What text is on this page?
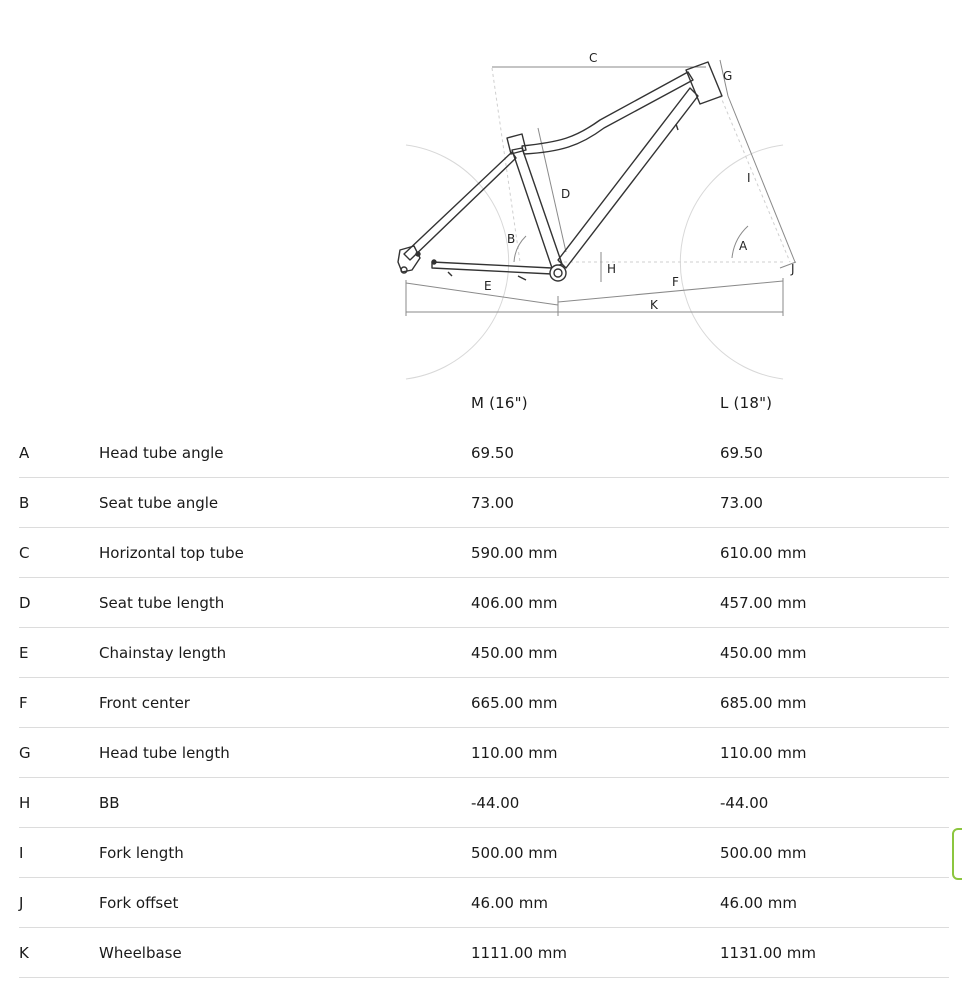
C
G
I
D
B	A
H	J
F
E
K
M (16")	L (18")
A	Head tube angle	69.50	69.50
B	Seat tube angle	73.00	73.00
C	Horizontal top tube	590.00 mm	610.00 mm
D	Seat tube length	406.00 mm	457.00 mm
E	Chainstay length	450.00 mm	450.00 mm
F	Front center	665.00 mm	685.00 mm
G	Head tube length	110.00 mm	110.00 mm
H	BB	-44.00	-44.00
I	Fork length	500.00 mm	500.00 mm
J	Fork offset	46.00 mm	46.00 mm
K	Wheelbase	1111.00 mm	1131.00 mm
